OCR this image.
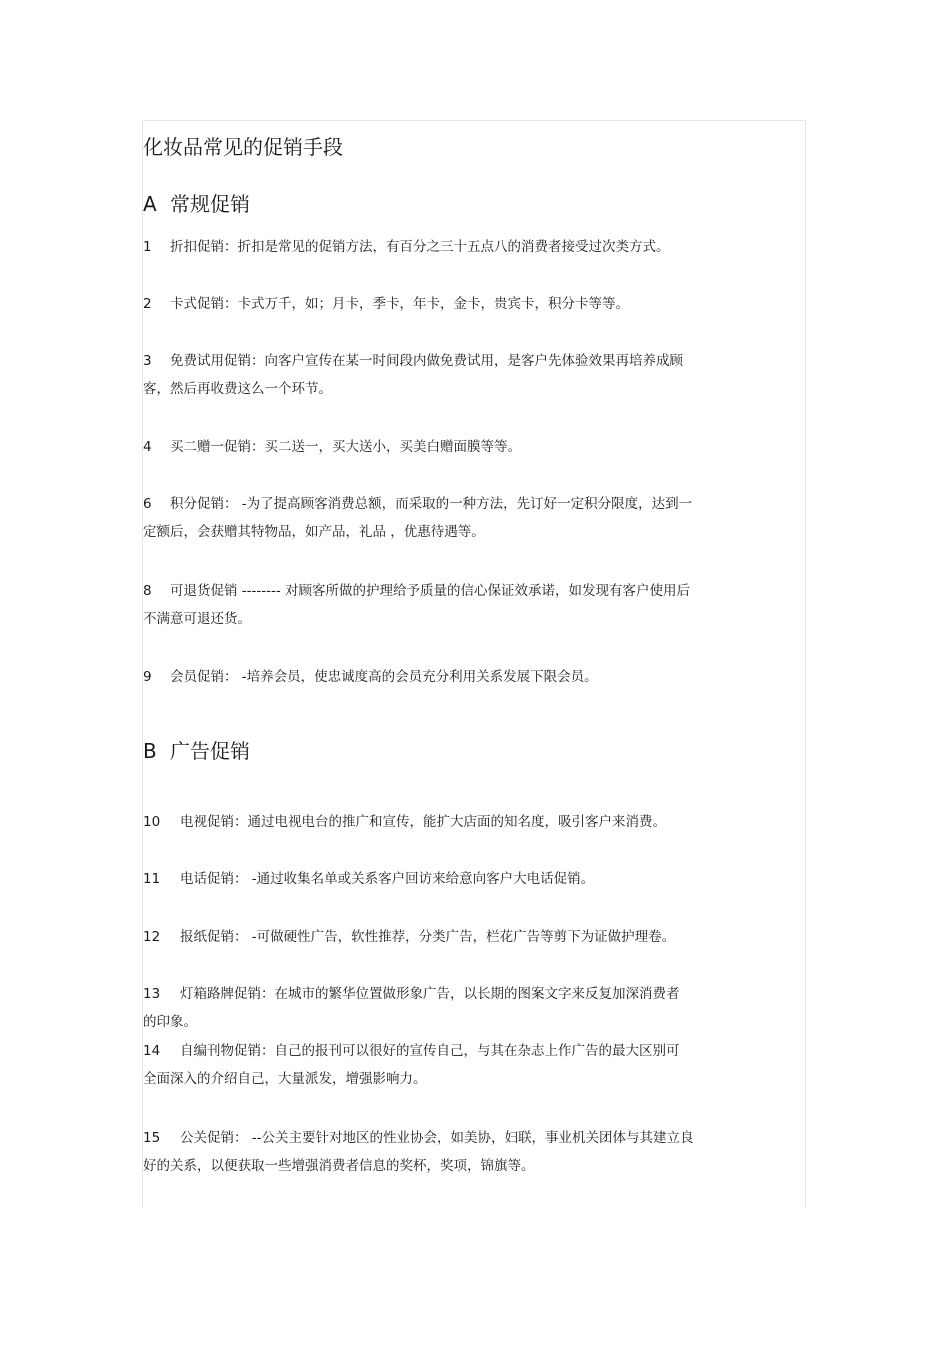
化妆品常见的促销手段
A 常规促销
1 折扣促销：折扣是常见的促销方法，有百分之三十五点八的消费者接受过次类方式。
2 卡式促销：卡式万千，如；月卡，季卡，年卡，金卡，贵宾卡，积分卡等等。
3 免费试用促销：向客户宣传在某一时间段内做免费试用，是客户先体验效果再培养成顾
客，然后再收费这么一个环节。
4 买二赠一促销：买二送一，买大送小，买美白赠面膜等等。
6 积分促销： -为了提高顾客消费总额，而采取的一种方法，先订好一定积分限度，达到一
定额后，会获赠其特物品，如产品，礼品 ，优惠待遇等。
8 可退货促销 -------- 对顾客所做的护理给予质量的信心保证效承诺，如发现有客户使用后
不满意可退还货。
9 会员促销： -培养会员，使忠诚度高的会员充分利用关系发展下限会员。
B 广告促销
10 电视促销：通过电视电台的推广和宣传，能扩大店面的知名度，吸引客户来消费。
11 电话促销： -通过收集名单或关系客户回访来给意向客户大电话促销。
12 报纸促销： -可做硬性广告，软性推荐，分类广告，栏花广告等剪下为证做护理卷。
13 灯箱路牌促销：在城市的繁华位置做形象广告，以长期的图案文字来反复加深消费者
的印象。
14 自编刊物促销：自己的报刊可以很好的宣传自己，与其在杂志上作广告的最大区别可
全面深入的介绍自己，大量派发，增强影响力。
15 公关促销： --公关主要针对地区的性业协会，如美协，妇联，事业机关团体与其建立良
好的关系，以便获取一些增强消费者信息的奖杯，奖项，锦旗等。
